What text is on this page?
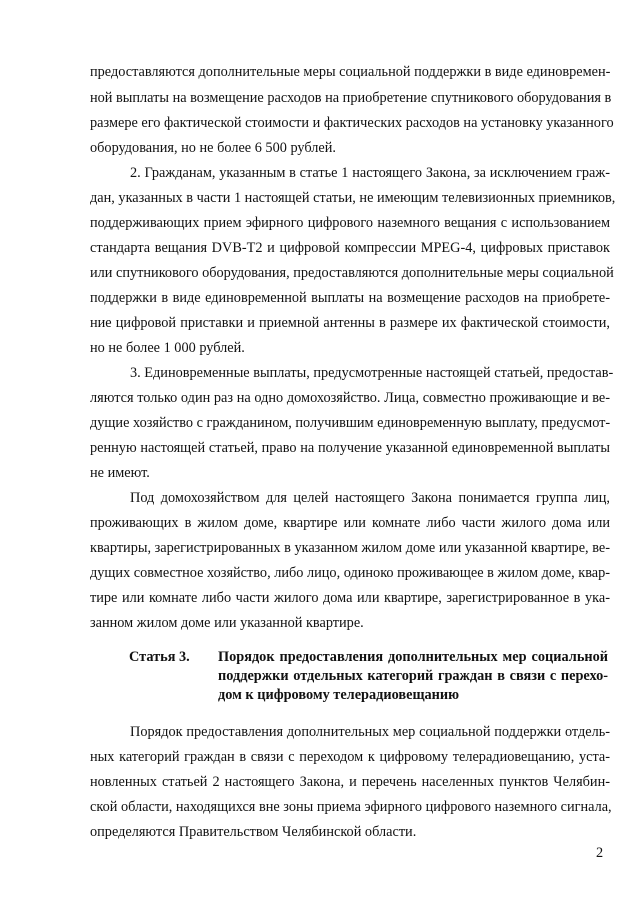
предоставляются дополнительные меры социальной поддержки в виде единовремен-
ной выплаты на возмещение расходов на приобретение спутникового оборудования в
размере его фактической стоимости и фактических расходов на установку указанного
оборудования, но не более 6 500 рублей.
2. Гражданам, указанным в статье 1 настоящего Закона, за исключением граж-
дан, указанных в части 1 настоящей статьи, не имеющим телевизионных приемников,
поддерживающих прием эфирного цифрового наземного вещания с использованием
стандарта вещания DVB-T2 и цифровой компрессии MPEG-4, цифровых приставок
или спутникового оборудования, предоставляются дополнительные меры социальной
поддержки в виде единовременной выплаты на возмещение расходов на приобрете-
ние цифровой приставки и приемной антенны в размере их фактической стоимости,
но не более 1 000 рублей.
3. Единовременные выплаты, предусмотренные настоящей статьей, предостав-
ляются только один раз на одно домохозяйство. Лица, совместно проживающие и ве-
дущие хозяйство с гражданином, получившим единовременную выплату, предусмот-
ренную настоящей статьей, право на получение указанной единовременной выплаты
не имеют.
Под домохозяйством для целей настоящего Закона понимается группа лиц,
проживающих в жилом доме, квартире или комнате либо части жилого дома или
квартиры, зарегистрированных в указанном жилом доме или указанной квартире, ве-
дущих совместное хозяйство, либо лицо, одиноко проживающее в жилом доме, квар-
тире или комнате либо части жилого дома или квартире, зарегистрированное в ука-
занном жилом доме или указанной квартире.
Статья 3. Порядок предоставления дополнительных мер социальной
поддержки отдельных категорий граждан в связи с перехо-
дом к цифровому телерадиовещанию
Порядок предоставления дополнительных мер социальной поддержки отдель-
ных категорий граждан в связи с переходом к цифровому телерадиовещанию, уста-
новленных статьей 2 настоящего Закона, и перечень населенных пунктов Челябин-
ской области, находящихся вне зоны приема эфирного цифрового наземного сигнала,
определяются Правительством Челябинской области.
2
